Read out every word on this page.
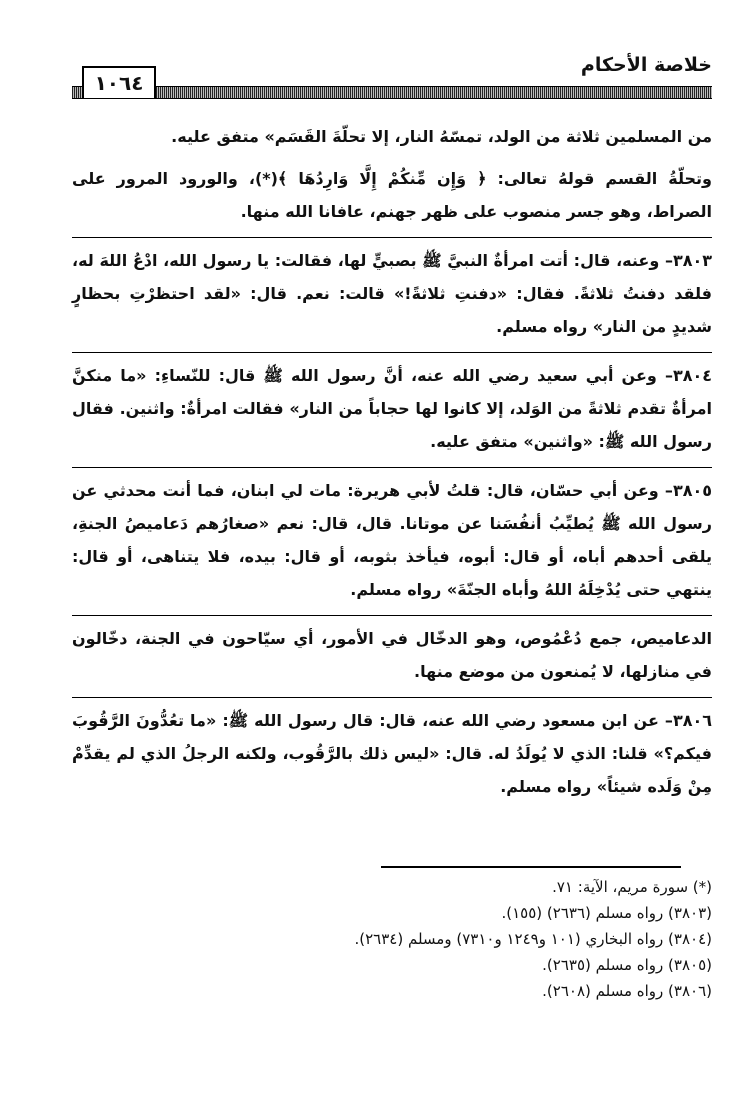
خلاصة الأحكام
١٠٦٤

من المسلمين ثلاثة من الولد، تمسّهُ النار، إلا تحلّةَ القَسَم» متفق عليه.

وتحلّةُ القسم قولهُ تعالى: ﴿ وَإِن مِّنكُمْ إِلَّا وَارِدُهَا ﴾(*)، والورود المرور على الصراط، وهو جسر منصوب على ظهر جهنم، عافانا الله منها.

٣٨٠٣– وعنه، قال: أتت امرأةٌ النبيَّ ﷺ بصبيٍّ لها، فقالت: يا رسول الله، ادْعُ اللهَ له، فلقد دفنتُ ثلاثةً. فقال: «دفنتِ ثلاثةً!» قالت: نعم. قال: «لقد احتظرْتِ بحظارٍ شديدٍ من النار» رواه مسلم.

٣٨٠٤– وعن أبي سعيد رضي الله عنه، أنَّ رسول الله ﷺ قال: للنّساءِ: «ما منكنَّ امرأةٌ تقدم ثلاثةً من الوَلد، إلا كانوا لها حجاباً من النار» فقالت امرأةٌ: واثنين. فقال رسول الله ﷺ: «واثنين» متفق عليه.

٣٨٠٥– وعن أبي حسّان، قال: قلتُ لأبي هريرة: مات لي ابنان، فما أنت محدثي عن رسول الله ﷺ يُطيِّبُ أنفُسَنا عن موتانا. قال، قال: نعم «صغارُهم دَعاميصُ الجنةِ، يلقى أحدهم أباه، أو قال: أبوه، فيأخذ بثوبه، أو قال: بيده، فلا يتناهى، أو قال: ينتهي حتى يُدْخِلَهُ اللهُ وأباه الجنّةَ» رواه مسلم.

الدعاميص، جمع دُعْمُوص، وهو الدخّال في الأمور، أي سيّاحون في الجنة، دخّالون في منازلها، لا يُمنعون من موضع منها.

٣٨٠٦– عن ابن مسعود رضي الله عنه، قال: قال رسول الله ﷺ: «ما تعُدُّونَ الرَّقُوبَ فيكم؟» قلنا: الذي لا يُولَدُ له. قال: «ليس ذلك بالرَّقُوب، ولكنه الرجلُ الذي لم يقدِّمْ مِنْ وَلَده شيئاً» رواه مسلم.

(*) سورة مريم، الآية: ٧١.

(٣٨٠٣) رواه مسلم (٢٦٣٦) (١٥٥).

(٣٨٠٤) رواه البخاري (١٠١ و١٢٤٩ و٧٣١٠) ومسلم (٢٦٣٤).

(٣٨٠٥) رواه مسلم (٢٦٣٥).

(٣٨٠٦) رواه مسلم (٢٦٠٨).
